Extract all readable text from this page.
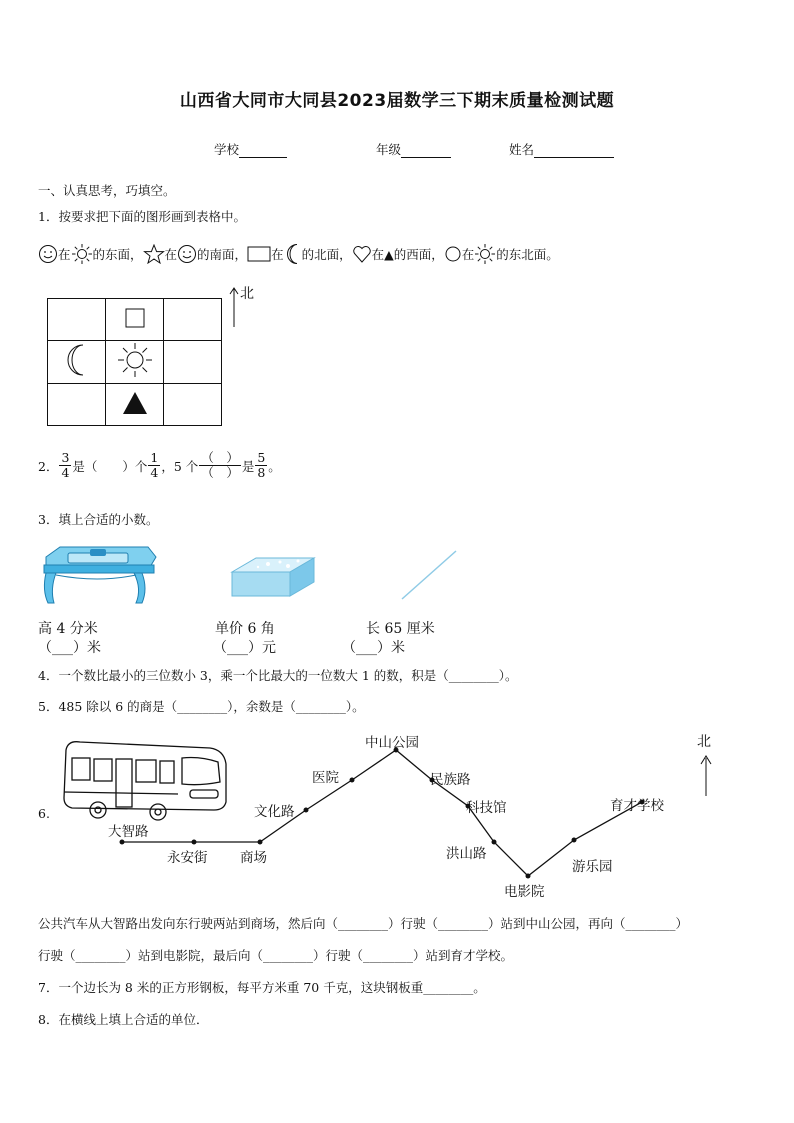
山西省大同市大同县2023届数学三下期末质量检测试题
学校	年级	姓名
一、认真思考，巧填空。
1．按要求把下面的图形画到表格中。
在 的东面， 在 的南面， 在 的北面， 在▲的西面， 在 的东北面。

北
2． $\frac{3}{4}$ 是（　　）个 $\frac{1}{4}$ ，5 个 $\frac{( )}{( )}$ 是 $\frac{5}{8}$ 。
3．填上合适的小数。
高 4 分米
（___）米
单价 6 角
（___）元
长 65 厘米
（___）米
4．一个数比最小的三位数小 3，乘一个比最大的一位数大 1 的数，积是（________）。
5．485 除以 6 的商是（________），余数是（________）。
6.
大智路
永安街 商场
文化路
医院
中山公园
民族路
科技馆
洪山路
电影院
游乐园
育才学校
北
公共汽车从大智路出发向东行驶两站到商场，然后向（________）行驶（________）站到中山公园，再向（________）
行驶（________）站到电影院，最后向（________）行驶（________）站到育才学校。
7．一个边长为 8 米的正方形钢板，每平方米重 70 千克，这块钢板重________。
8．在横线上填上合适的单位．
